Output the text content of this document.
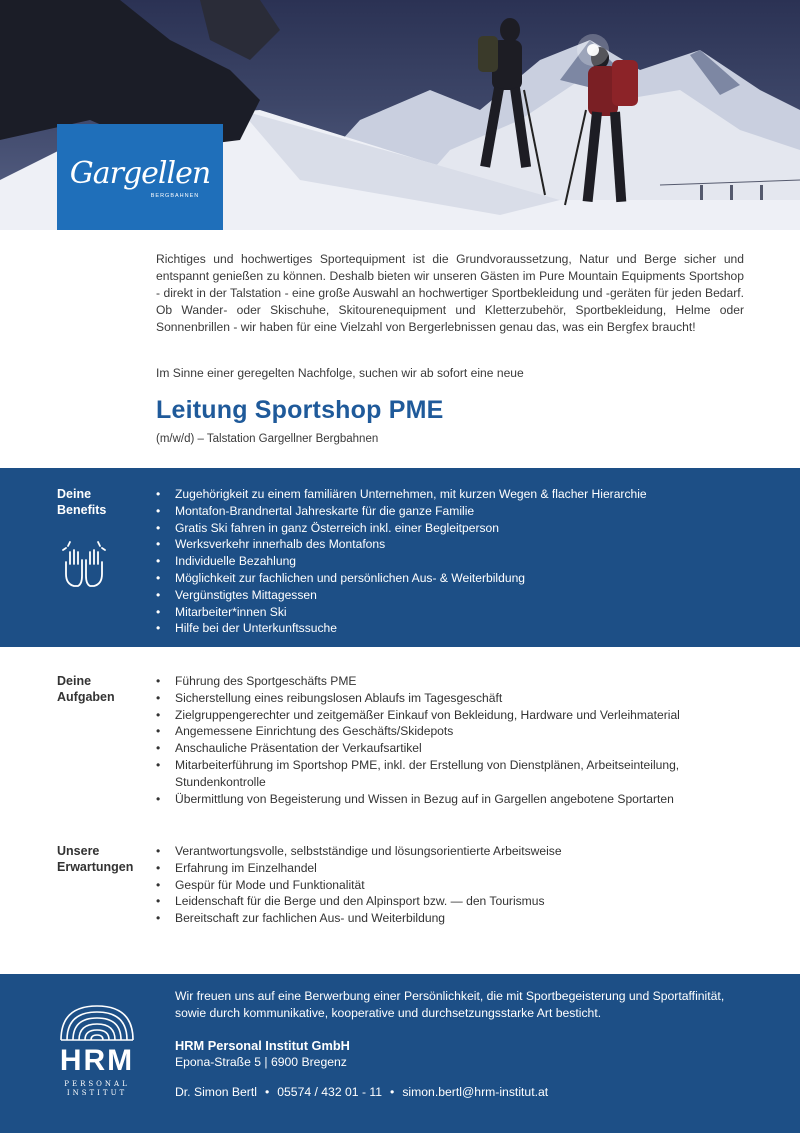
Gargellen
BERGBAHNEN

Richtiges und hochwertiges Sportequipment ist die Grundvoraussetzung, Natur und Berge sicher und entspannt genießen zu können. Deshalb bieten wir unseren Gästen im Pure Mountain Equipments Sportshop - direkt in der Talstation - eine große Auswahl an hochwertiger Sportbekleidung und -geräten für jeden Bedarf. Ob Wander- oder Skischuhe, Skitourenequipment und Kletterzubehör, Sportbekleidung, Helme oder Sonnenbrillen - wir haben für eine Vielzahl von Bergerlebnissen genau das, was ein Bergfex braucht!

Im Sinne einer geregelten Nachfolge, suchen wir ab sofort eine neue

Leitung Sportshop PME

(m/w/d) – Talstation Gargellner Bergbahnen

Deine
Benefits
• Zugehörigkeit zu einem familiären Unternehmen, mit kurzen Wegen & flacher Hierarchie
• Montafon-Brandnertal Jahreskarte für die ganze Familie
• Gratis Ski fahren in ganz Österreich inkl. einer Begleitperson
• Werksverkehr innerhalb des Montafons
• Individuelle Bezahlung
• Möglichkeit zur fachlichen und persönlichen Aus- & Weiterbildung
• Vergünstigtes Mittagessen
• Mitarbeiter*innen Ski
• Hilfe bei der Unterkunftssuche
Deine
Aufgaben
• Führung des Sportgeschäfts PME
• Sicherstellung eines reibungslosen Ablaufs im Tagesgeschäft
• Zielgruppengerechter und zeitgemäßer Einkauf von Bekleidung, Hardware und Verleihmaterial
• Angemessene Einrichtung des Geschäfts/Skidepots
• Anschauliche Präsentation der Verkaufsartikel
• Mitarbeiterführung im Sportshop PME, inkl. der Erstellung von Dienstplänen, Arbeitseinteilung, Stundenkontrolle
• Übermittlung von Begeisterung und Wissen in Bezug auf in Gargellen angebotene Sportarten
Unsere
Erwartungen
• Verantwortungsvolle, selbstständige und lösungsorientierte Arbeitsweise
• Erfahrung im Einzelhandel
• Gespür für Mode und Funktionalität
• Leidenschaft für die Berge und den Alpinsport bzw. — den Tourismus
• Bereitschaft zur fachlichen Aus- und Weiterbildung
HRM
PERSONAL
INSTITUT

Wir freuen uns auf eine Berwerbung einer Persönlichkeit, die mit Sportbegeisterung und Sportaffinität, sowie durch kommunikative, kooperative und durchsetzungsstarke Art besticht.

HRM Personal Institut GmbH
Epona-Straße 5 | 6900 Bregenz
Dr. Simon Bertl • 05574 / 432 01 - 11 • simon.bertl@hrm-institut.at
